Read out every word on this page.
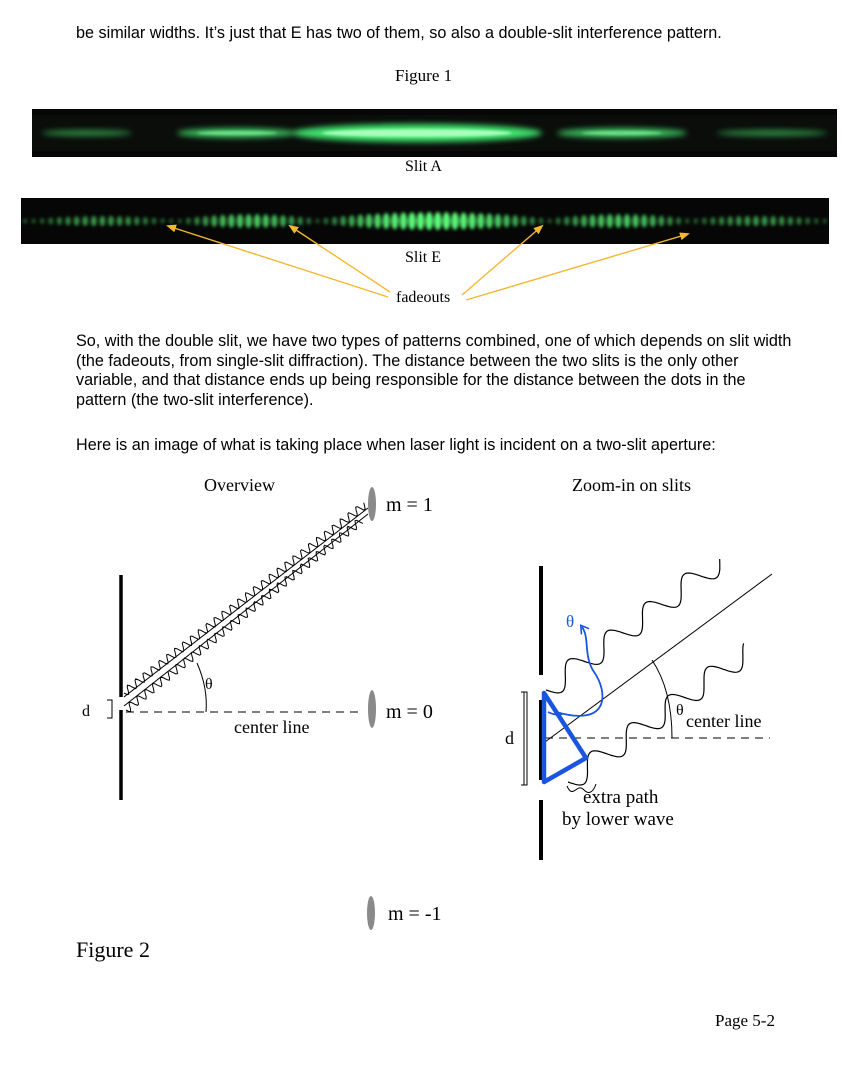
be similar widths. It’s just that E has two of them, so also a double-slit interference pattern.

Figure 1
Slit A
Slit E
fadeouts

So, with the double slit, we have two types of patterns combined, one of which depends on slit width (the fadeouts, from single-slit diffraction). The distance between the two slits is the only other variable, and that distance ends up being responsible for the distance between the dots in the pattern (the two-slit interference).

Here is an image of what is taking place when laser light is incident on a two-slit aperture:

Overview	Zoom-in on slits
d
θ
center line
m = 1
m = 0
m = -1
d
θ
center line
θ
extra path
by lower wave
Figure 2
Page 5-2
